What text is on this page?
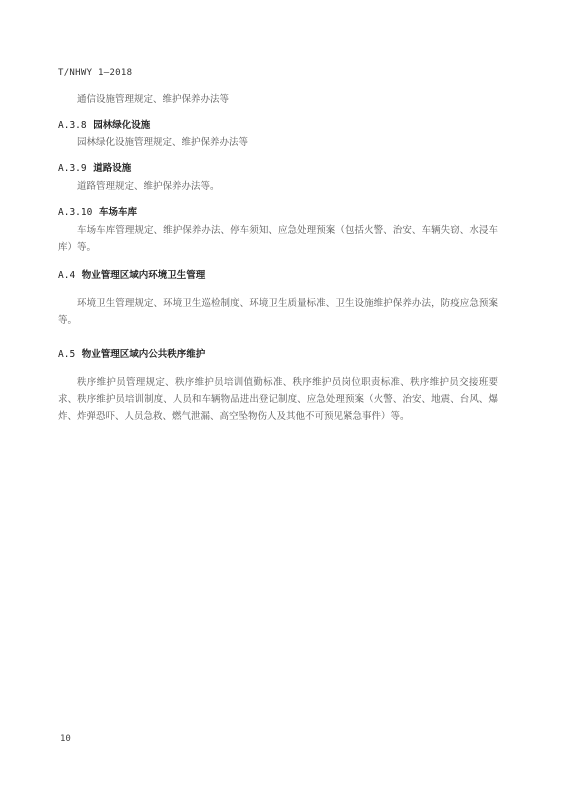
T/NHWY 1—2018
通信设施管理规定、维护保养办法等
A.3.8 园林绿化设施
园林绿化设施管理规定、维护保养办法等
A.3.9 道路设施
道路管理规定、维护保养办法等。
A.3.10 车场车库
车场车库管理规定、维护保养办法、停车须知、应急处理预案（包括火警、治安、车辆失窃、水浸车库）等。
A.4 物业管理区域内环境卫生管理
环境卫生管理规定、环境卫生巡检制度、环境卫生质量标准、卫生设施维护保养办法，防疫应急预案等。
A.5 物业管理区域内公共秩序维护
秩序维护员管理规定、秩序维护员培训值勤标准、秩序维护员岗位职责标准、秩序维护员交接班要求、秩序维护员培训制度、人员和车辆物品进出登记制度、应急处理预案（火警、治安、地震、台风、爆炸、炸弹恐吓、人员急救、燃气泄漏、高空坠物伤人及其他不可预见紧急事件）等。
10
